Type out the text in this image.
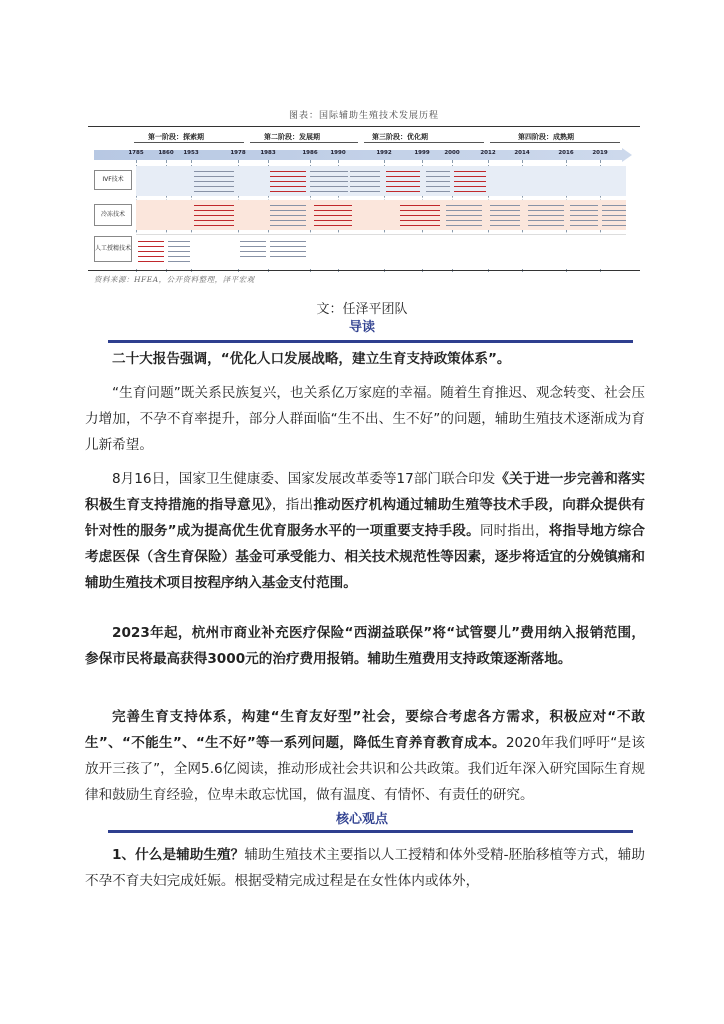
图表：国际辅助生殖技术发展历程
第一阶段：探索期	第二阶段：发展期	第三阶段：优化期	第四阶段：成熟期
1785	1860 1953	1978	1983	1986 1990	1992	1999	2000	2012	2014	2016	2019
IVF技术
冷冻技术
人工授精技术
资料来源：HFEA，公开资料整理，泽平宏观
文：任泽平团队
导读
二十大报告强调，“优化人口发展战略，建立生育支持政策体系”。
“生育问题”既关系民族复兴，也关系亿万家庭的幸福。随着生育推迟、观念转变、社会压力增加，不孕不育率提升，部分人群面临“生不出、生不好”的问题，辅助生殖技术逐渐成为育儿新希望。
8月16日，国家卫生健康委、国家发展改革委等17部门联合印发《关于进一步完善和落实积极生育支持措施的指导意见》，指出推动医疗机构通过辅助生殖等技术手段，向群众提供有针对性的服务”成为提高优生优育服务水平的一项重要支持手段。同时指出，将指导地方综合考虑医保（含生育保险）基金可承受能力、相关技术规范性等因素，逐步将适宜的分娩镇痛和辅助生殖技术项目按程序纳入基金支付范围。
2023年起，杭州市商业补充医疗保险“西湖益联保”将“试管婴儿”费用纳入报销范围，参保市民将最高获得3000元的治疗费用报销。辅助生殖费用支持政策逐渐落地。
完善生育支持体系，构建“生育友好型”社会，要综合考虑各方需求，积极应对“不敢生”、“不能生”、“生不好”等一系列问题，降低生育养育教育成本。2020年我们呼吁“是该放开三孩了”，全网5.6亿阅读，推动形成社会共识和公共政策。我们近年深入研究国际生育规律和鼓励生育经验，位卑未敢忘忧国，做有温度、有情怀、有责任的研究。
核心观点
1、什么是辅助生殖？辅助生殖技术主要指以人工授精和体外受精-胚胎移植等方式，辅助不孕不育夫妇完成妊娠。根据受精完成过程是在女性体内或体外，
